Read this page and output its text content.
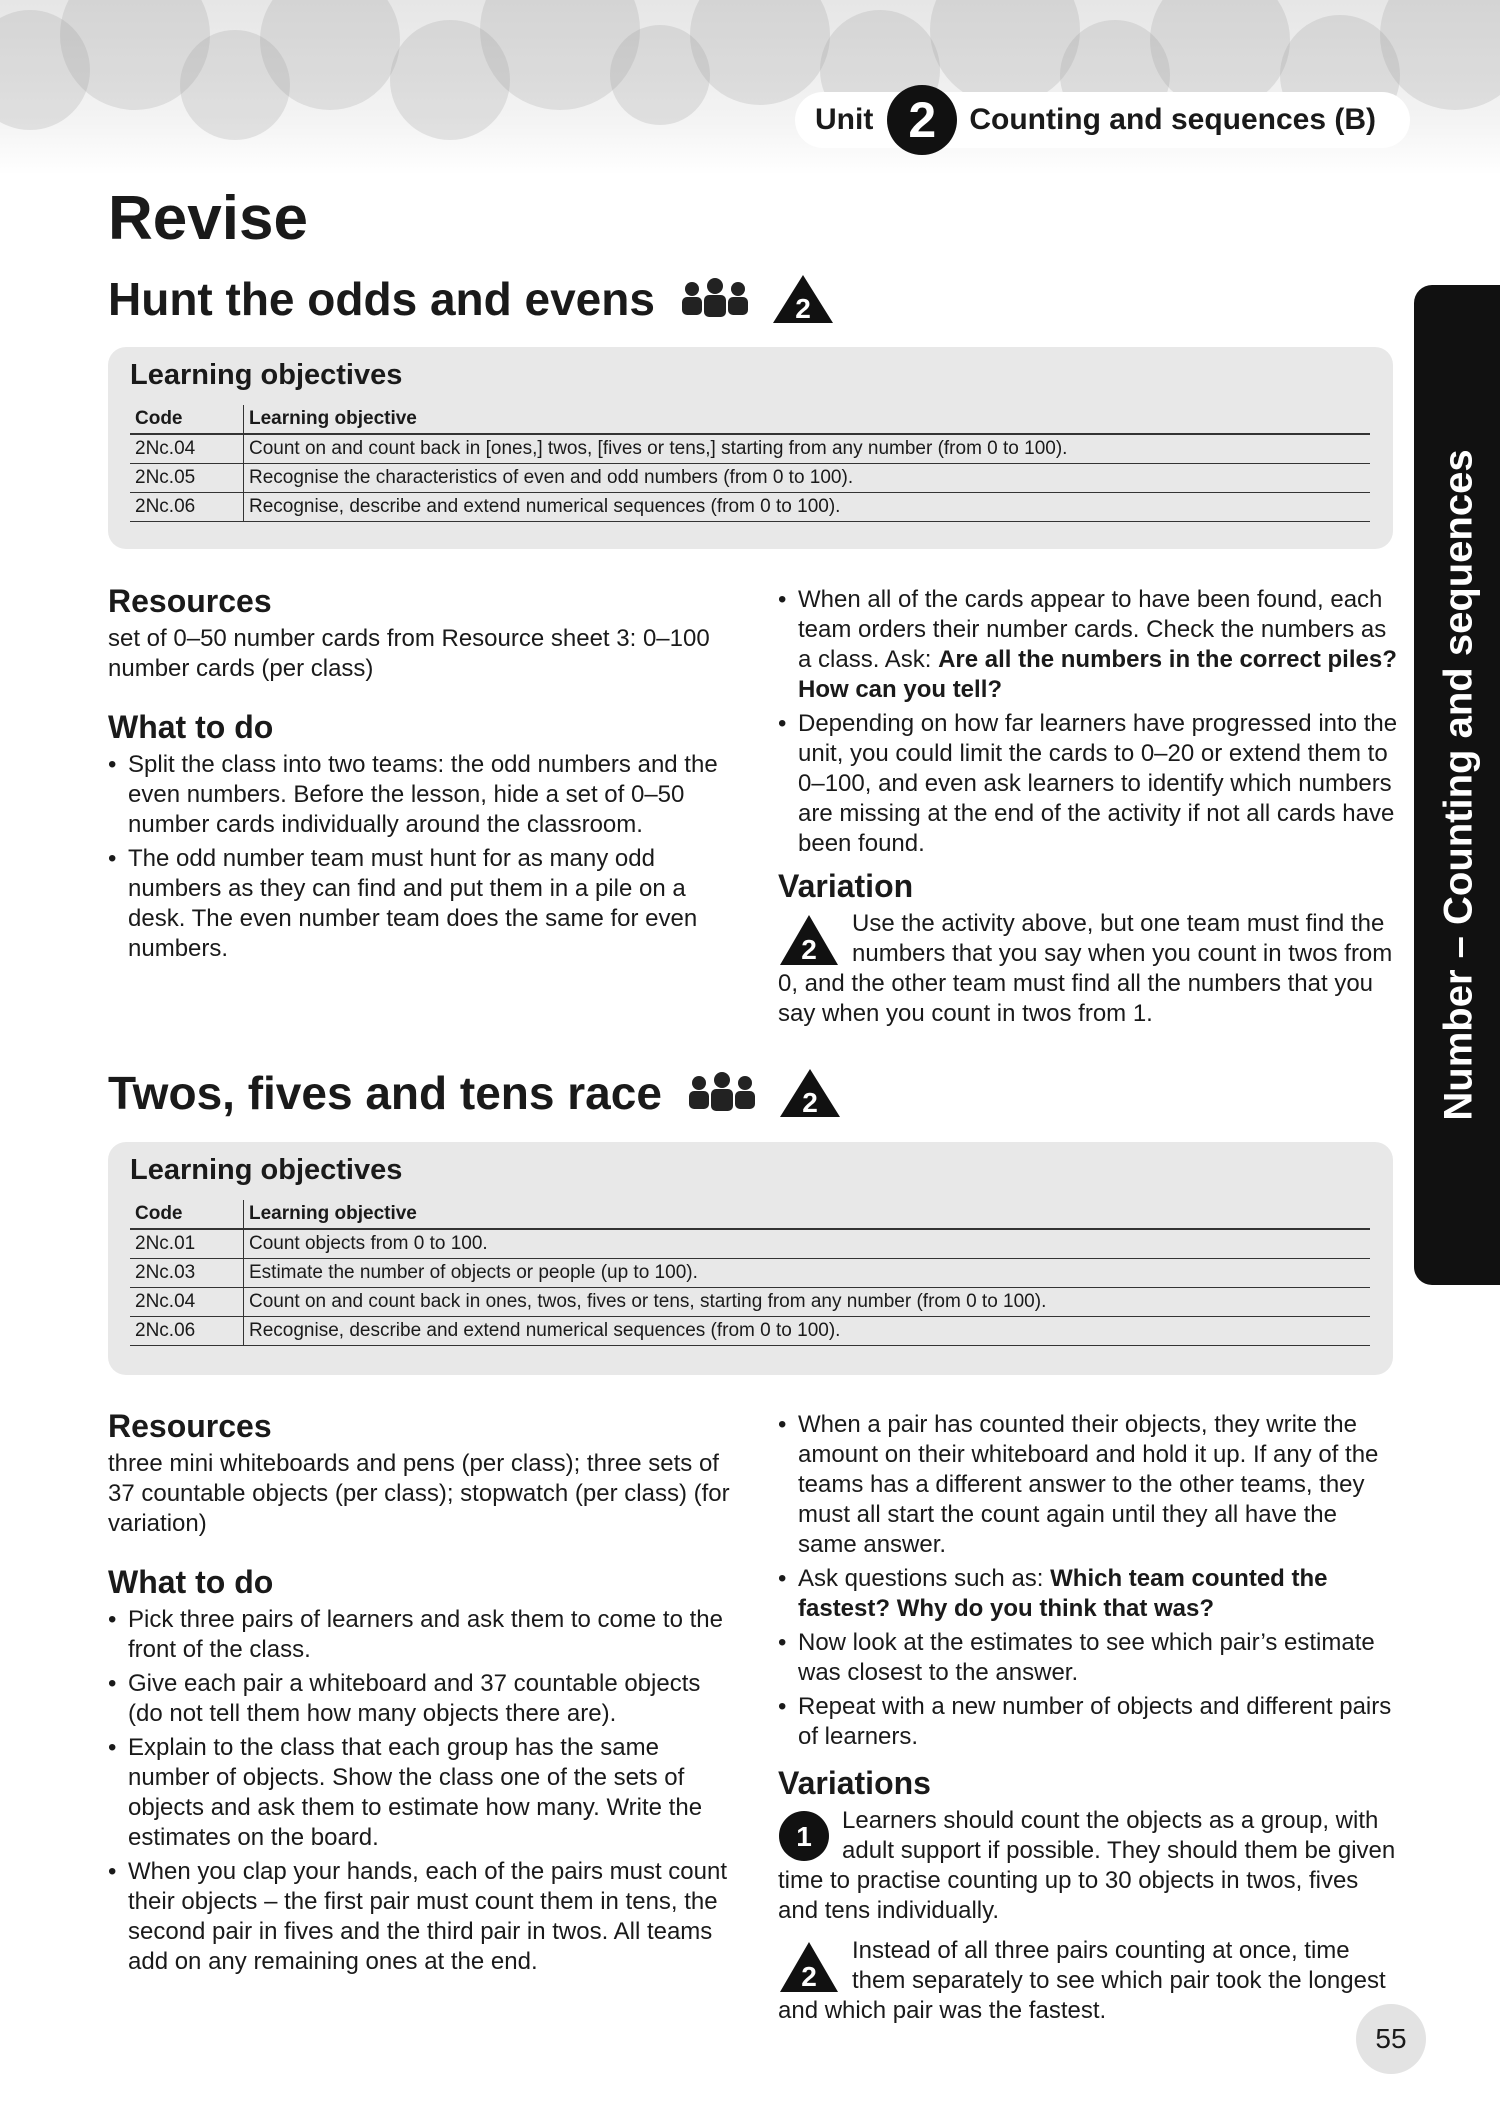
Unit 2	Counting and sequences (B)
Revise
Hunt the odds and evens	2
Learning objectives
Code	Learning objective
2Nc.04	Count on and count back in [ones,] twos, [fives or tens,] starting from any number (from 0 to 100).
2Nc.05	Recognise the characteristics of even and odd numbers (from 0 to 100).
2Nc.06	Recognise, describe and extend numerical sequences (from 0 to 100).
Resources

set of 0–50 number cards from Resource sheet 3: 0–100 number cards (per class)

What to do
• Split the class into two teams: the odd numbers and the even numbers. Before the lesson, hide a set of 0–50 number cards individually around the classroom.
• The odd number team must hunt for as many odd numbers as they can find and put them in a pile on a desk. The even number team does the same for even numbers.
• When all of the cards appear to have been found, each team orders their number cards. Check the numbers as a class. Ask: Are all the numbers in the correct piles? How can you tell?
• Depending on how far learners have progressed into the unit, you could limit the cards to 0–20 or extend them to 0–100, and even ask learners to identify which numbers are missing at the end of the activity if not all cards have been found.
Variation
2
Use the activity above, but one team must find the numbers that you say when you count in twos from 0, and the other team must find all the numbers that you say when you count in twos from 1.
Twos, fives and tens race	2
Learning objectives
Code	Learning objective
2Nc.01	Count objects from 0 to 100.
2Nc.03	Estimate the number of objects or people (up to 100).
2Nc.04	Count on and count back in ones, twos, fives or tens, starting from any number (from 0 to 100).
2Nc.06	Recognise, describe and extend numerical sequences (from 0 to 100).
Resources

three mini whiteboards and pens (per class); three sets of 37 countable objects (per class); stopwatch (per class) (for variation)

What to do
• Pick three pairs of learners and ask them to come to the front of the class.
• Give each pair a whiteboard and 37 countable objects (do not tell them how many objects there are).
• Explain to the class that each group has the same number of objects. Show the class one of the sets of objects and ask them to estimate how many. Write the estimates on the board.
• When you clap your hands, each of the pairs must count their objects – the first pair must count them in tens, the second pair in fives and the third pair in twos. All teams add on any remaining ones at the end.
• When a pair has counted their objects, they write the amount on their whiteboard and hold it up. If any of the teams has a different answer to the other teams, they must all start the count again until they all have the same answer.
• Ask questions such as: Which team counted the fastest? Why do you think that was?
• Now look at the estimates to see which pair’s estimate was closest to the answer.
• Repeat with a new number of objects and different pairs of learners.
Variations
1
Learners should count the objects as a group, with adult support if possible. They should them be given time to practise counting up to 30 objects in twos, fives and tens individually.
2
Instead of all three pairs counting at once, time them separately to see which pair took the longest and which pair was the fastest.
Number – Counting and sequences
55
